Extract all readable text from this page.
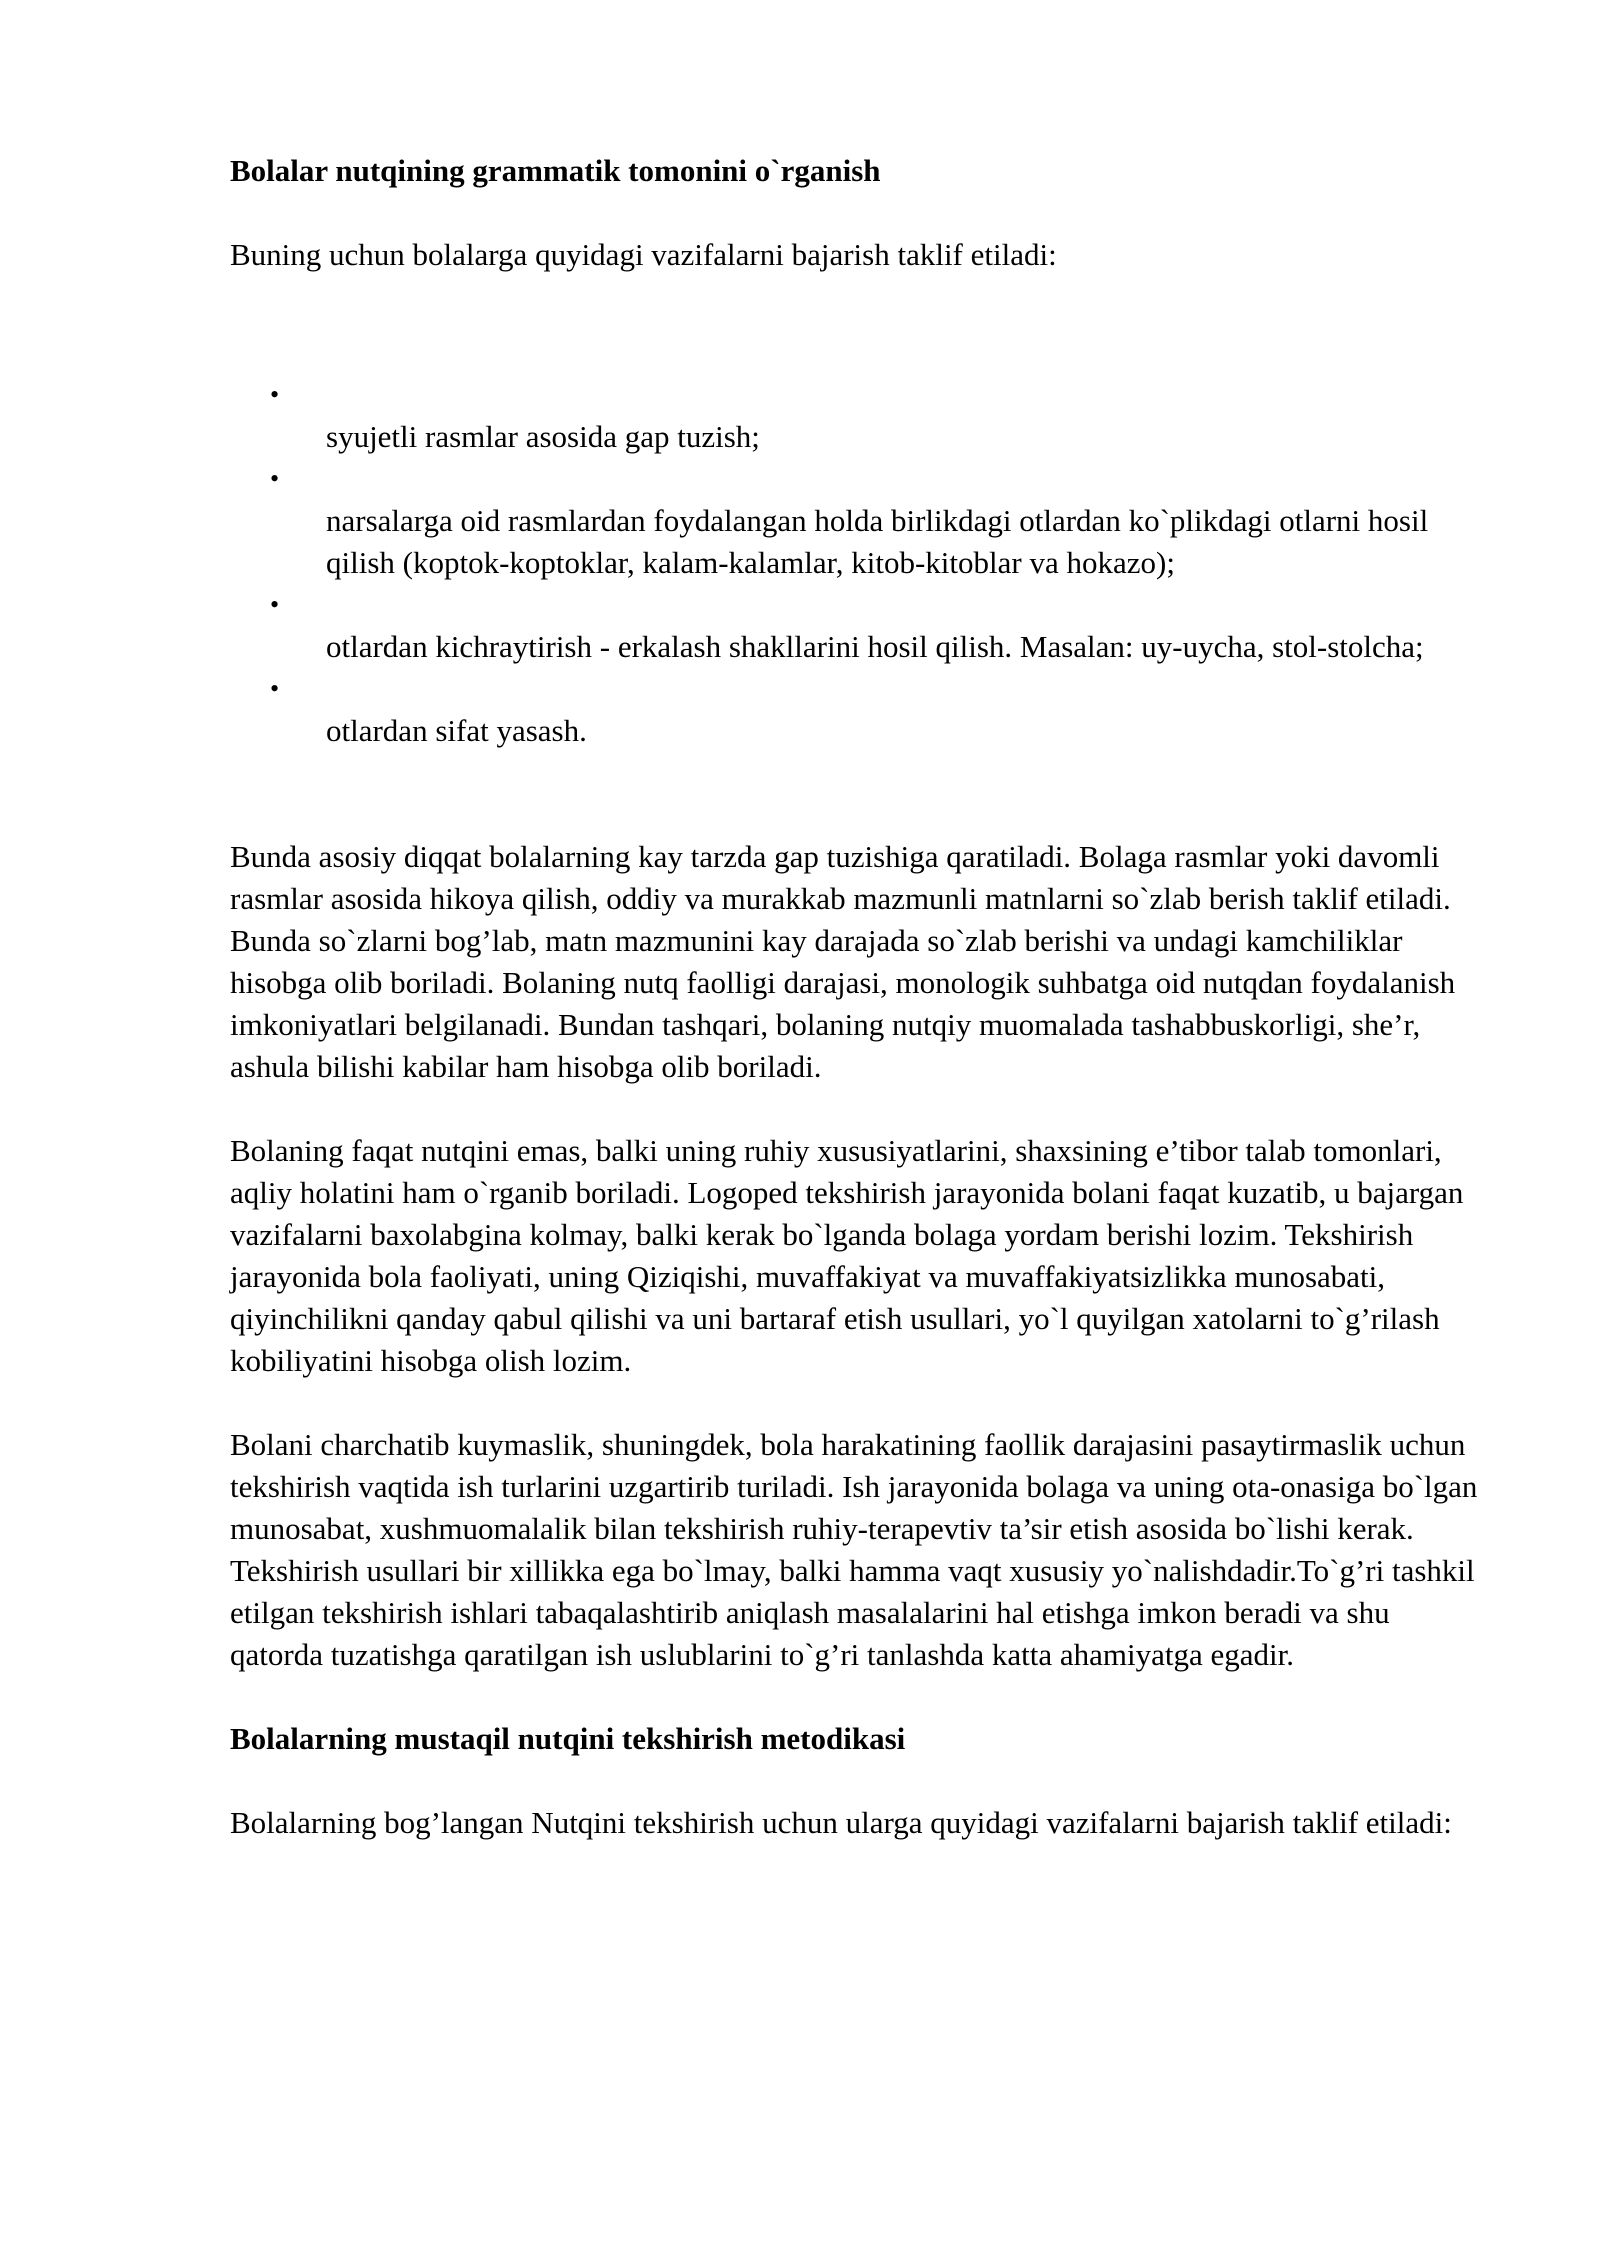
Bolalar nutqining grammatik tomonini o`rganish

Buning uchun bolalarga quyidagi vazifalarni bajarish taklif etiladi:

•
syujetli rasmlar asosida gap tuzish;
•
narsalarga oid rasmlardan foydalangan holda birlikdagi otlardan ko`plikdagi otlarni hosil qilish (koptok-koptoklar, kalam-kalamlar, kitob-kitoblar va hokazo);
•
otlardan kichraytirish - erkalash shakllarini hosil qilish. Masalan: uy-uycha, stol-stolcha;
•
otlardan sifat yasash.

Bunda asosiy diqqat bolalarning kay tarzda gap tuzishiga qaratiladi. Bolaga rasmlar yoki davomli rasmlar asosida hikoya qilish, oddiy va murakkab mazmunli matnlarni so`zlab berish taklif etiladi. Bunda so`zlarni bog’lab, matn mazmunini kay darajada so`zlab berishi va undagi kamchiliklar hisobga olib boriladi. Bolaning nutq faolligi darajasi, monologik suhbatga oid nutqdan foydalanish imkoniyatlari belgilanadi. Bundan tashqari, bolaning nutqiy muomalada tashabbuskorligi, she’r, ashula bilishi kabilar ham hisobga olib boriladi.

Bolaning faqat nutqini emas, balki uning ruhiy xususiyatlarini, shaxsining e’tibor talab tomonlari, aqliy holatini ham o`rganib boriladi. Logoped tekshirish jarayonida bolani faqat kuzatib, u bajargan vazifalarni baxolabgina kolmay, balki kerak bo`lganda bolaga yordam berishi lozim. Tekshirish jarayonida bola faoliyati, uning Qiziqishi, muvaffakiyat va muvaffakiyatsizlikka munosabati, qiyinchilikni qanday qabul qilishi va uni bartaraf etish usullari, yo`l quyilgan xatolarni to`g’rilash kobiliyatini hisobga olish lozim.

Bolani charchatib kuymaslik, shuningdek, bola harakatining faollik darajasini pasaytirmaslik uchun tekshirish vaqtida ish turlarini uzgartirib turiladi. Ish jarayonida bolaga va uning ota-onasiga bo`lgan munosabat, xushmuomalalik bilan tekshirish ruhiy-terapevtiv ta’sir etish asosida bo`lishi kerak. Tekshirish usullari bir xillikka ega bo`lmay, balki hamma vaqt xususiy yo`nalishdadir.To`g’ri tashkil etilgan tekshirish ishlari tabaqalashtirib aniqlash masalalarini hal etishga imkon beradi va shu qatorda tuzatishga qaratilgan ish uslublarini to`g’ri tanlashda katta ahamiyatga egadir.

Bolalarning mustaqil nutqini tekshirish metodikasi

Bolalarning bog’langan Nutqini tekshirish uchun ularga quyidagi vazifalarni bajarish taklif etiladi:
